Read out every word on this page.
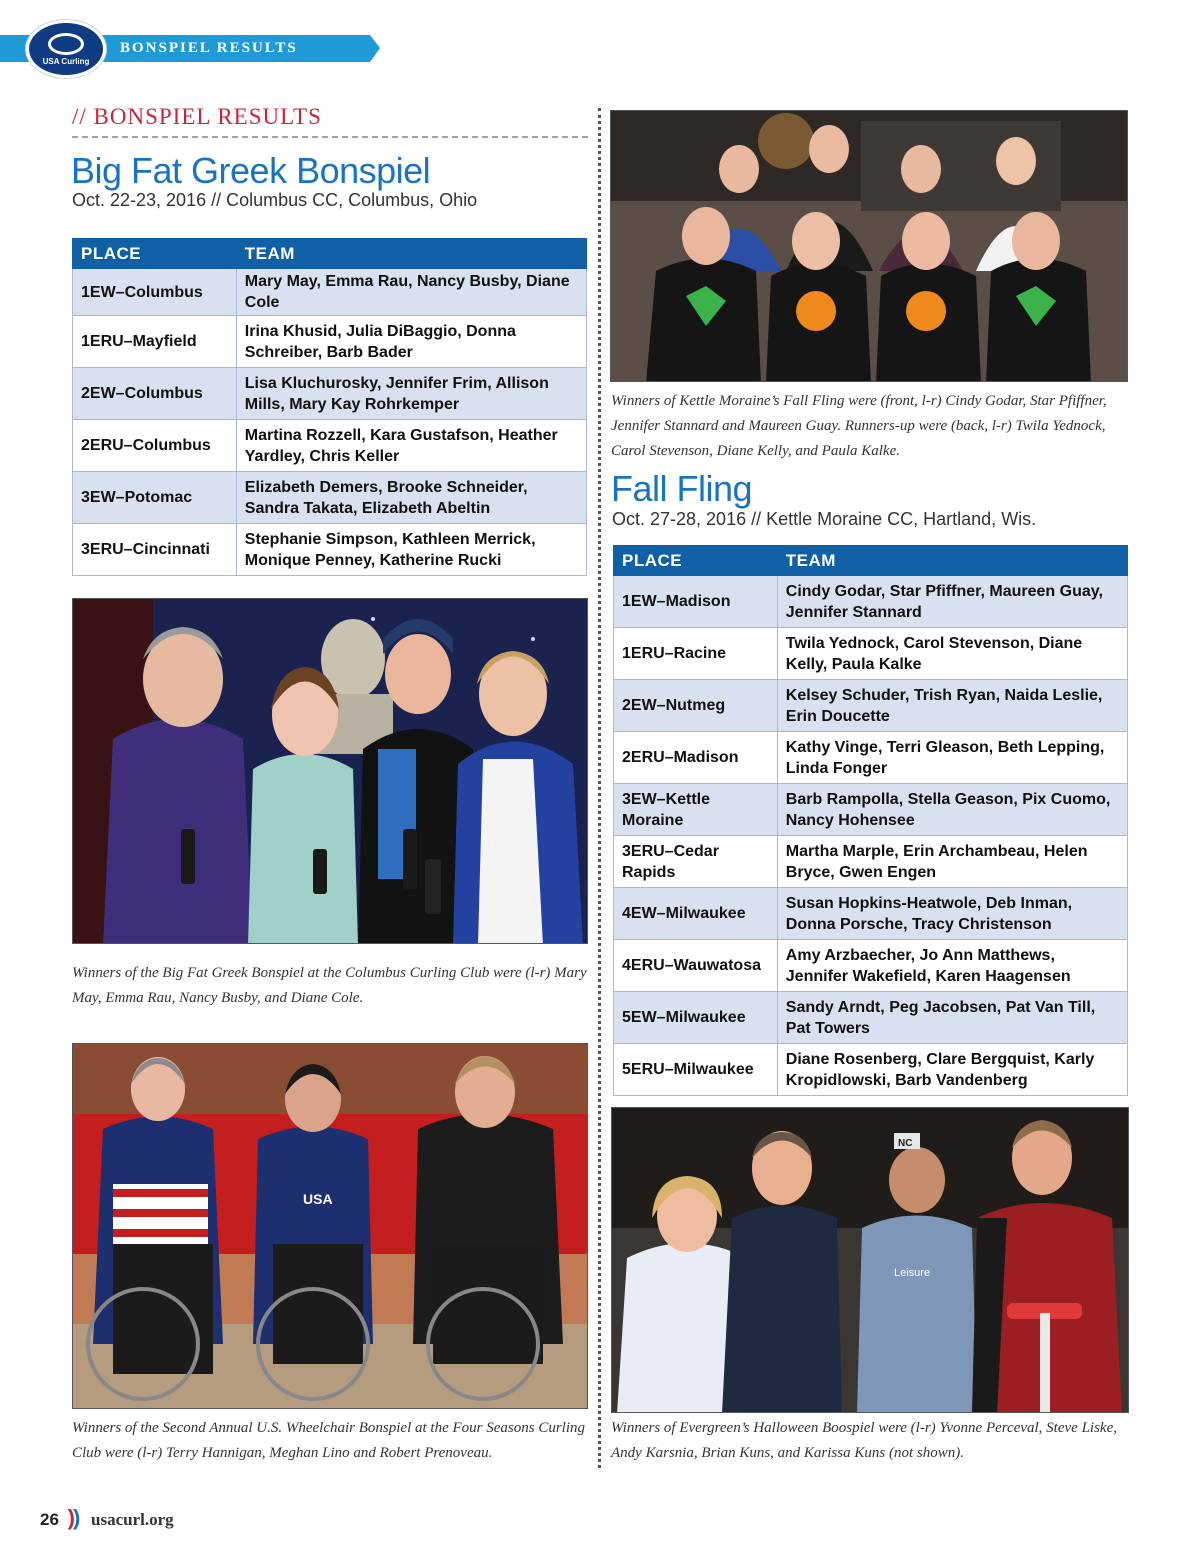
BONSPIEL RESULTS
USA Curling
// BONSPIEL RESULTS
Big Fat Greek Bonspiel
Oct. 22-23, 2016 // Columbus CC, Columbus, Ohio
PLACE	TEAM
1EW–Columbus	Mary May, Emma Rau, Nancy Busby, Diane Cole
1ERU–Mayfield	Irina Khusid, Julia DiBaggio, Donna Schreiber, Barb Bader
2EW–Columbus	Lisa Kluchurosky, Jennifer Frim, Allison Mills, Mary Kay Rohrkemper
2ERU–Columbus	Martina Rozzell, Kara Gustafson, Heather Yardley, Chris Keller
3EW–Potomac	Elizabeth Demers, Brooke Schneider, Sandra Takata, Elizabeth Abeltin
3ERU–Cincinnati	Stephanie Simpson, Kathleen Merrick, Monique Penney, Katherine Rucki
Winners of the Big Fat Greek Bonspiel at the Columbus Curling Club were (l-r) Mary May, Emma Rau, Nancy Busby, and Diane Cole.
USA
Winners of the Second Annual U.S. Wheelchair Bonspiel at the Four Seasons Curling Club were (l-r) Terry Hannigan, Meghan Lino and Robert Prenoveau.
Winners of Kettle Moraine’s Fall Fling were (front, l-r) Cindy Godar, Star Pfiffner, Jennifer Stannard and Maureen Guay. Runners-up were (back, l-r) Twila Yednock, Carol Stevenson, Diane Kelly, and Paula Kalke.
Fall Fling
Oct. 27-28, 2016 // Kettle Moraine CC, Hartland, Wis.
PLACE	TEAM
1EW–Madison	Cindy Godar, Star Pfiffner, Maureen Guay, Jennifer Stannard
1ERU–Racine	Twila Yednock, Carol Stevenson, Diane Kelly, Paula Kalke
2EW–Nutmeg	Kelsey Schuder, Trish Ryan, Naida Leslie, Erin Doucette
2ERU–Madison	Kathy Vinge, Terri Gleason, Beth Lepping, Linda Fonger
3EW–Kettle Moraine	Barb Rampolla, Stella Geason, Pix Cuomo, Nancy Hohensee
3ERU–Cedar Rapids	Martha Marple, Erin Archambeau, Helen Bryce, Gwen Engen
4EW–Milwaukee	Susan Hopkins-Heatwole, Deb Inman, Donna Porsche, Tracy Christenson
4ERU–Wauwatosa	Amy Arzbaecher, Jo Ann Matthews, Jennifer Wakefield, Karen Haagensen
5EW–Milwaukee	Sandy Arndt, Peg Jacobsen, Pat Van Till, Pat Towers
5ERU–Milwaukee	Diane Rosenberg, Clare Bergquist, Karly Kropidlowski, Barb Vandenberg
Leisure
NC
Winners of Evergreen’s Halloween Boospiel were (l-r) Yvonne Perceval, Steve Liske, Andy Karsnia, Brian Kuns, and Karissa Kuns (not shown).
26 )) usacurl.org
